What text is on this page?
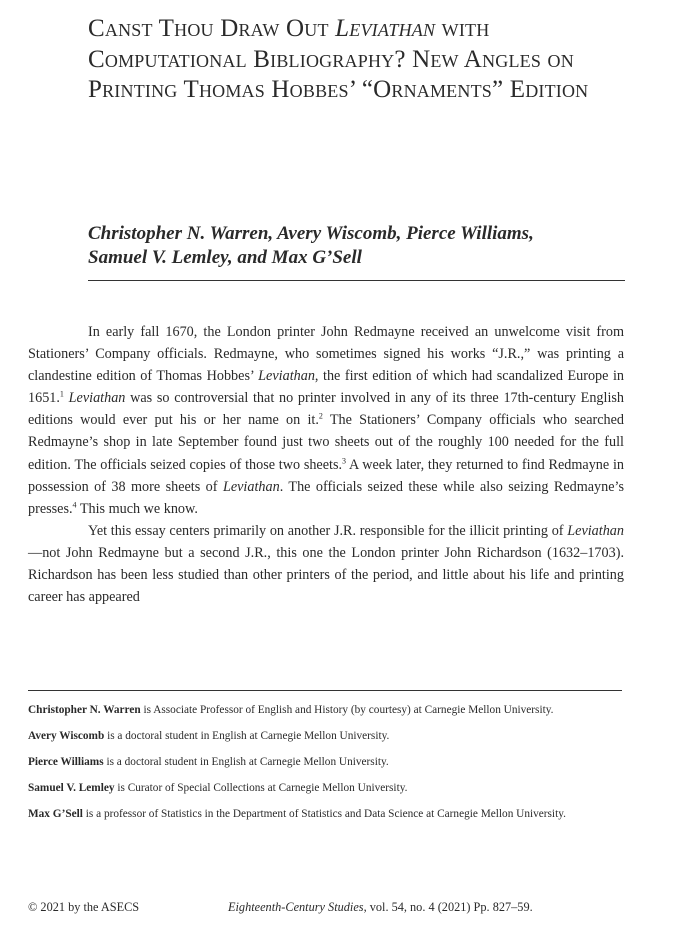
Canst Thou Draw Out Leviathan with Computational Bibliography? New Angles on Printing Thomas Hobbes’ “Ornaments” Edition
Christopher N. Warren, Avery Wiscomb, Pierce Williams,
Samuel V. Lemley, and Max G’Sell

In early fall 1670, the London printer John Redmayne received an unwelcome visit from Stationers’ Company officials. Redmayne, who sometimes signed his works “J.R.,” was printing a clandestine edition of Thomas Hobbes’ Leviathan, the first edition of which had scandalized Europe in 1651.$^1$ Leviathan was so controversial that no printer involved in any of its three 17th-century English editions would ever put his or her name on it.$^2$ The Stationers’ Company officials who searched Redmayne’s shop in late September found just two sheets out of the roughly 100 needed for the full edition. The officials seized copies of those two sheets.$^3$ A week later, they returned to find Redmayne in possession of 38 more sheets of Leviathan. The officials seized these while also seizing Redmayne’s presses.$^4$ This much we know.

Yet this essay centers primarily on another J.R. responsible for the illicit printing of Leviathan—not John Redmayne but a second J.R., this one the London printer John Richardson (1632–1703). Richardson has been less studied than other printers of the period, and little about his life and printing career has appeared

Christopher N. Warren is Associate Professor of English and History (by courtesy) at Carnegie Mellon University.

Avery Wiscomb is a doctoral student in English at Carnegie Mellon University.

Pierce Williams is a doctoral student in English at Carnegie Mellon University.

Samuel V. Lemley is Curator of Special Collections at Carnegie Mellon University.

Max G’Sell is a professor of Statistics in the Department of Statistics and Data Science at Carnegie Mellon University.

© 2021 by the ASECS	Eighteenth-Century Studies, vol. 54, no. 4 (2021) Pp. 827–59.
